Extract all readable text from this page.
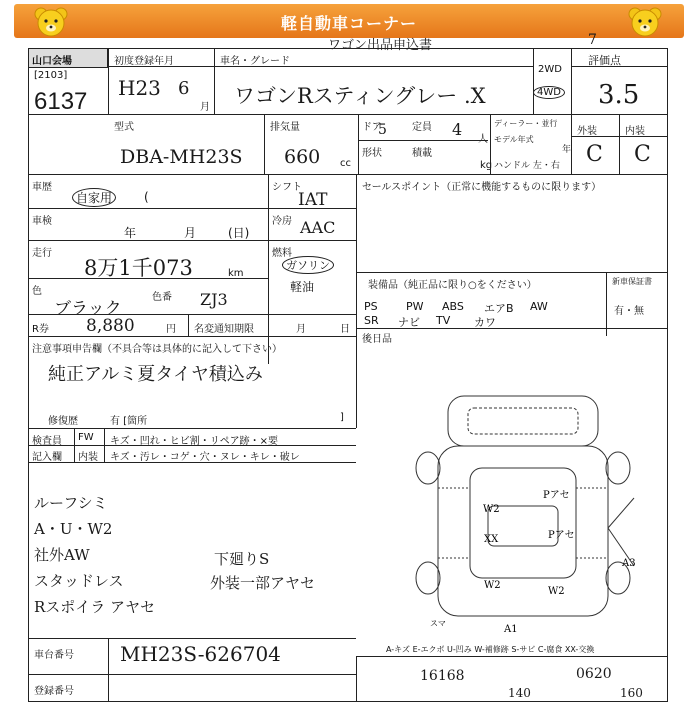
軽自動車コーナー
ワゴン出品申込書	7
山口会場
[2103]
6137
初度登録年月
H23 6
月
車名・グレード
ワゴンRスティングレー .X
2WD
4WD
評価点
3.5
型式
DBA-MH23S
排気量
660 cc
ドア
5	定員 4
人
形状	積載
kg
ディーラー・並行
モデル年式
年
ハンドル 左・右
外装	内装
C C
車歴
自家用	(
シフト
IAT
車検
年	月	(日)
冷房 AAC
走行
8万1千073	km
燃料
ガソリン
軽油
色
ブラック
色番 ZJ3
R券 8,880	円 名変通知期限	月	日
セールスポイント（正常に機能するものに限ります）
装備品（純正品に限り○をください）	新車保証書
有・無
PS	PW ABS エアB AW
SR ナビ TV カワ
後日品
注意事項申告欄（不具合等は具体的に記入して下さい）
純正アルミ夏タイヤ積込み
修復歴	有 [箇所	]
検査員
記入欄
FW
内装
キズ・凹れ・ヒビ割・リペア跡・×要
キズ・汚レ・コゲ・穴・ヌレ・キレ・破レ
ルーフシミ
A・U・W2
社外AW
スタッドレス
Rスポイラ アヤセ
下廻りS
外装一部アヤセ
W2
Pアセ
A3
XX	Pアセ
W2
W2
A1
スマ
A-キズ E-エクボ U-凹み W-補修跡 S-サビ C-腐食 XX-交換
車台番号 MH23S-626704
登録番号
16168	0620
140	160
